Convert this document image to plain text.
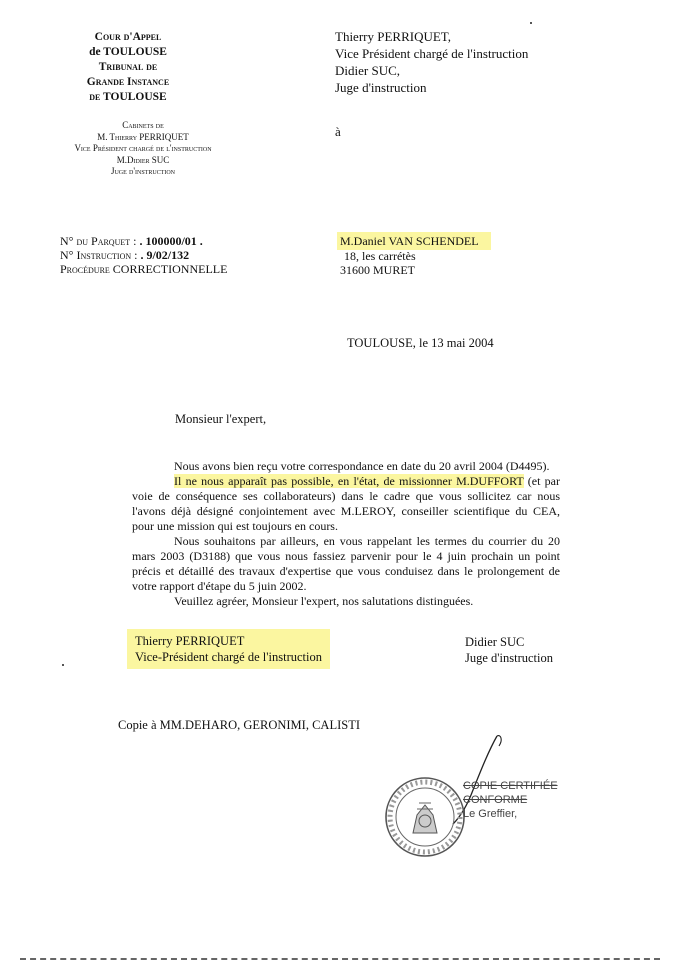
Cour d'Appel
de TOULOUSE
Tribunal de
Grande Instance
de TOULOUSE
Cabinets de
M. Thierry PERRIQUET
Vice Président chargé de l'instruction
M.Didier SUC
Juge d'instruction
Thierry PERRIQUET,
Vice Président chargé de l'instruction
Didier SUC,
Juge d'instruction
à
N° du Parquet : . 100000/01 .
N° Instruction : . 9/02/132
Procédure CORRECTIONNELLE
M.Daniel VAN SCHENDEL
18, les carrétès
31600 MURET
TOULOUSE, le 13 mai 2004
Monsieur l'expert,

Nous avons bien reçu votre correspondance en date du 20 avril 2004 (D4495).

Il ne nous apparaît pas possible, en l'état, de missionner M.DUFFORT (et par voie de conséquence ses collaborateurs) dans le cadre que vous sollicitez car nous l'avons déjà désigné conjointement avec M.LEROY, conseiller scientifique du CEA, pour une mission qui est toujours en cours.

Nous souhaitons par ailleurs, en vous rappelant les termes du courrier du 20 mars 2003 (D3188) que vous nous fassiez parvenir pour le 4 juin prochain un point précis et détaillé des travaux d'expertise que vous conduisez dans le prolongement de votre rapport d'étape du 5 juin 2002.

Veuillez agréer, Monsieur l'expert, nos salutations distinguées.

Thierry PERRIQUET
Vice-Président chargé de l'instruction
Didier SUC
Juge d'instruction
Copie à MM.DEHARO, GERONIMI, CALISTI
COPIE CERTIFIÉE
CONFORME
Le Greffier,
